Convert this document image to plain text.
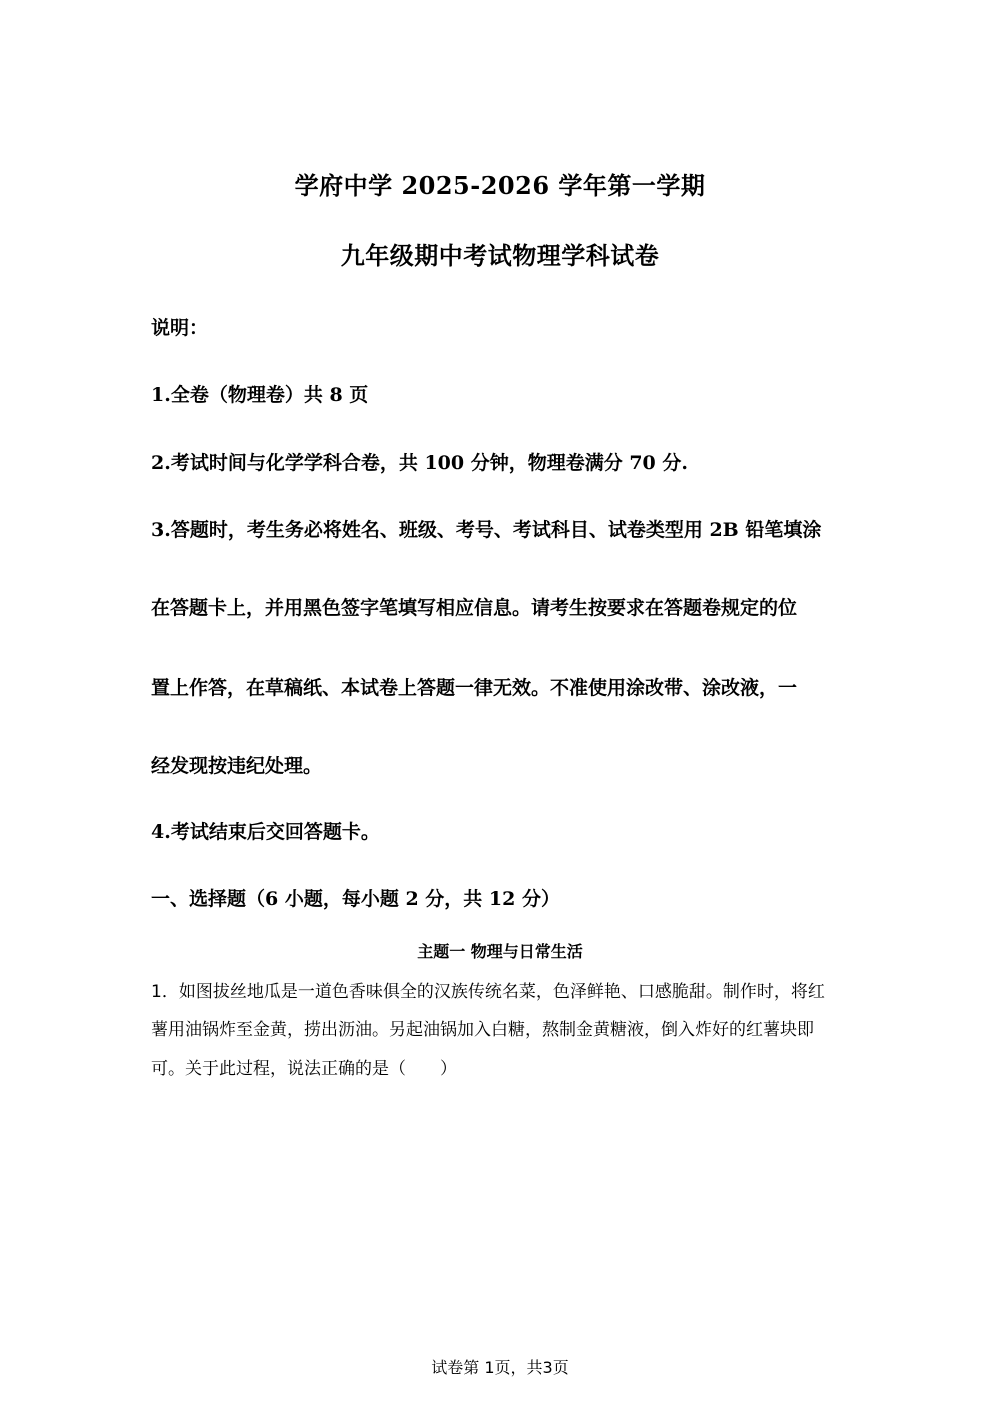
学府中学 2025-2026 学年第一学期
九年级期中考试物理学科试卷
说明：
1.全卷（物理卷）共 8 页
2.考试时间与化学学科合卷，共 100 分钟，物理卷满分 70 分.
3.答题时，考生务必将姓名、班级、考号、考试科目、试卷类型用 2B 铅笔填涂
在答题卡上，并用黑色签字笔填写相应信息。请考生按要求在答题卷规定的位
置上作答，在草稿纸、本试卷上答题一律无效。不准使用涂改带、涂改液，一
经发现按违纪处理。
4.考试结束后交回答题卡。
一、选择题（6 小题，每小题 2 分，共 12 分）
主题一 物理与日常生活
1．如图拔丝地瓜是一道色香味俱全的汉族传统名菜，色泽鲜艳、口感脆甜。制作时，将红
薯用油锅炸至金黄，捞出沥油。另起油锅加入白糖，熬制金黄糖液，倒入炸好的红薯块即
可。关于此过程，说法正确的是（　　）
试卷第 1页，共3页
